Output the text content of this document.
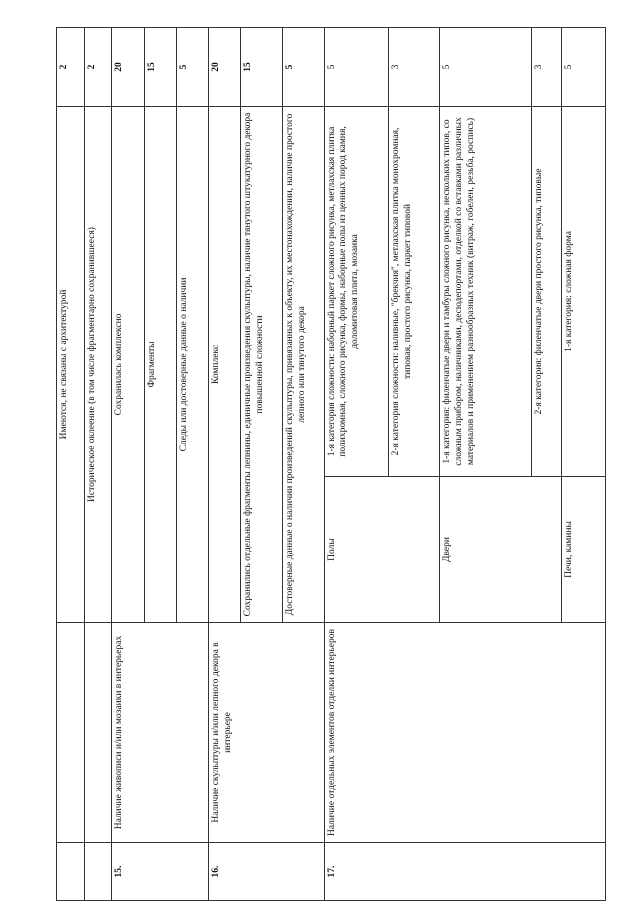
		Имеются, не связаны с архитектурой		2
		Историческое оклеение (в том числе фрагментарно сохранившееся)		2
15.	Наличие живописи и/или мозаики в интерьерах	Сохранилась комплексно		20
		Фрагменты		15
		Следы или достоверные данные о наличии		5
16.	Наличие скульптуры и/или лепного декора в интерьере	Комплекс		20
		Сохранились отдельные фрагменты лепнины, единичные произведения скульптуры, наличие тянутого штукатурного декора повышенной сложности		15
		Достоверные данные о наличии произведений скульптуры, привязанных к объекту, их местонахождении, наличие простого лепного или тянутого декора		5
17.	Наличие отдельных элементов отделки интерьеров	Полы	1-я категория сложности: наборный паркет сложного рисунка, метлахская плитка полихромная, сложного рисунка, формы, наборные полы из ценных пород камня, доломитовая плита, мозаика	5
			2-я категория сложности: наливные, "брекчия", метлахская плитка монохромная, типовая, простого рисунка, паркет типовой	3
		Двери	1-я категория: филенчатые двери и тамбуры сложного рисунка, нескольких типов, со сложным прибором, наличниками, десюдепортами, отделкой со вставками различных материалов и применением разнообразных техник (витраж, гобелен, резьба, роспись)	5
			2-я категория: филенчатые двери простого рисунка, типовые	3
		Печи, камины	1-я категория: сложная форма	5
